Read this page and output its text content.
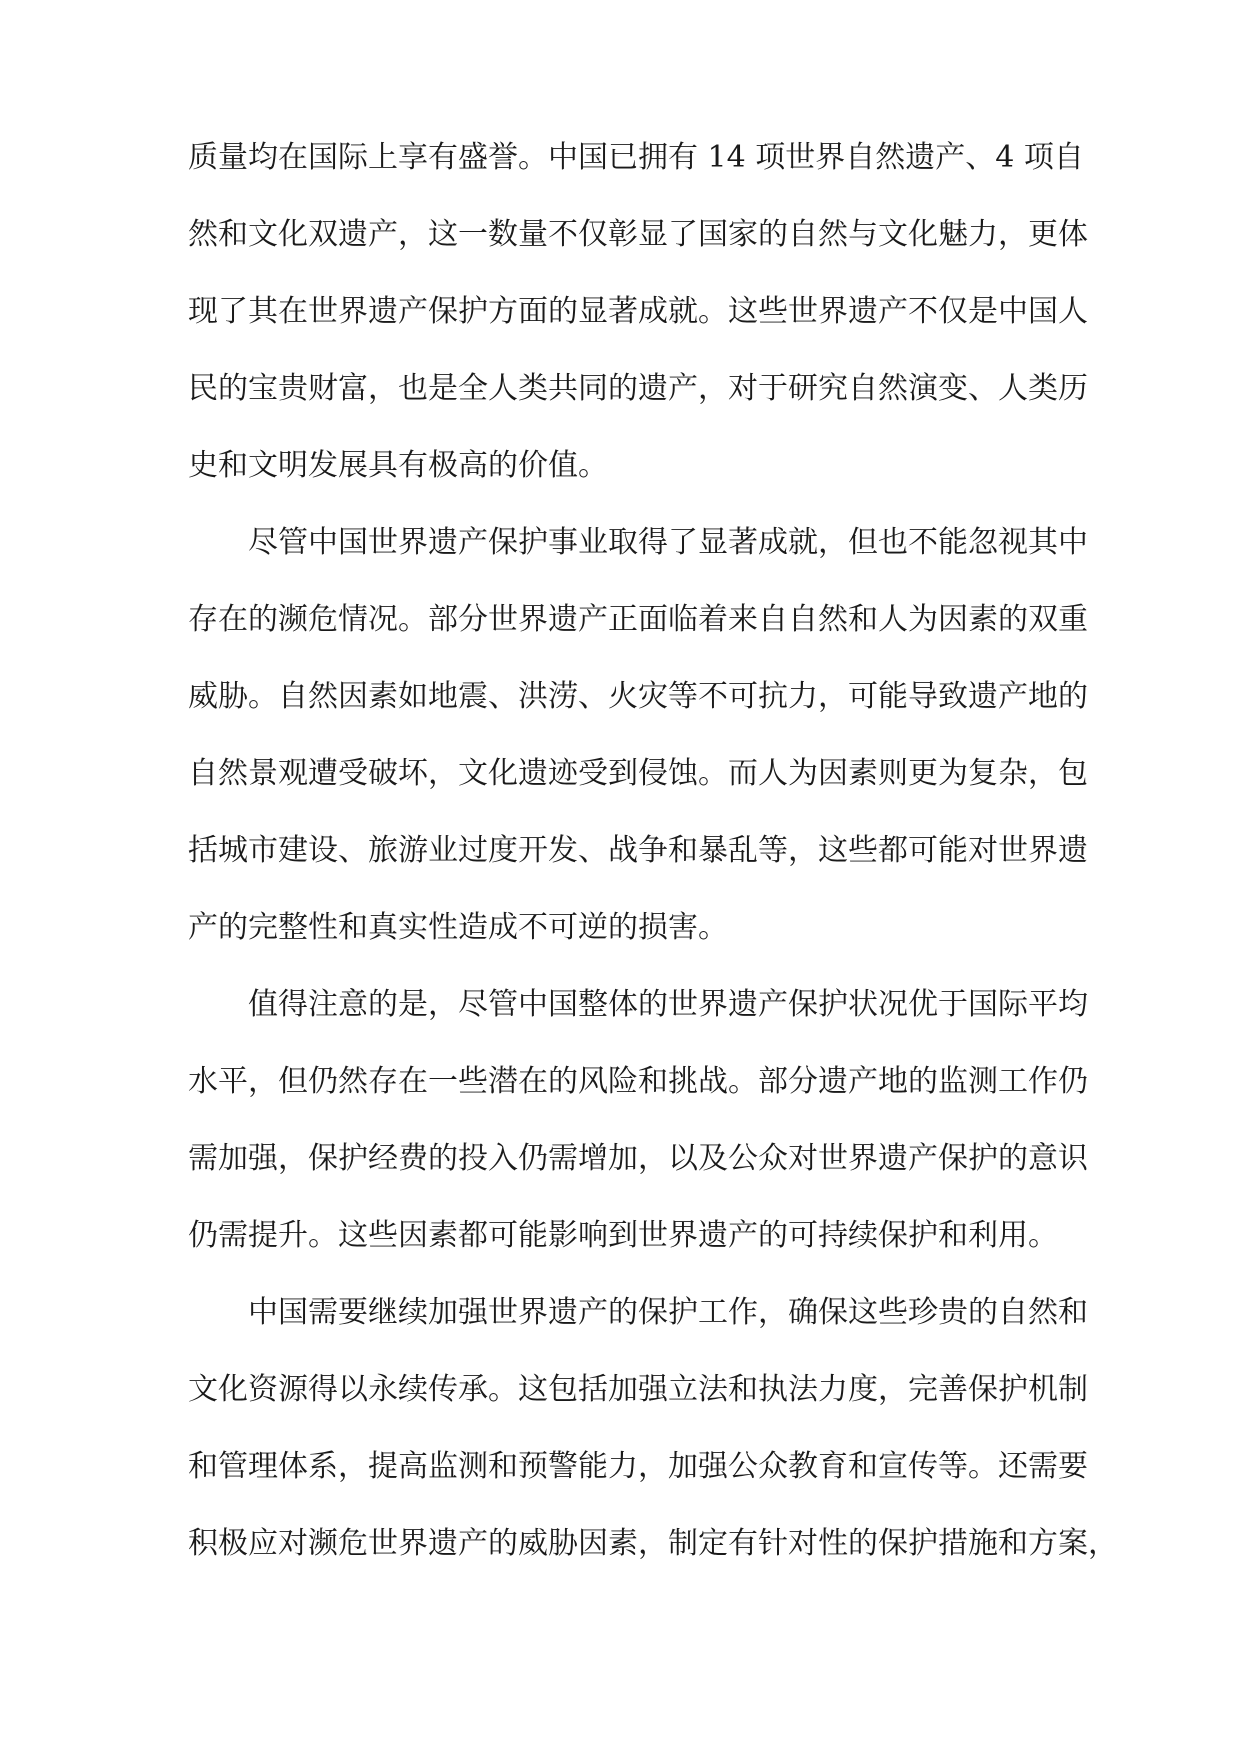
质量均在国际上享有盛誉。中国已拥有 14 项世界自然遗产、4 项自
然和文化双遗产，这一数量不仅彰显了国家的自然与文化魅力，更体
现了其在世界遗产保护方面的显著成就。这些世界遗产不仅是中国人
民的宝贵财富，也是全人类共同的遗产，对于研究自然演变、人类历
史和文明发展具有极高的价值。
尽管中国世界遗产保护事业取得了显著成就，但也不能忽视其中
存在的濒危情况。部分世界遗产正面临着来自自然和人为因素的双重
威胁。自然因素如地震、洪涝、火灾等不可抗力，可能导致遗产地的
自然景观遭受破坏，文化遗迹受到侵蚀。而人为因素则更为复杂，包
括城市建设、旅游业过度开发、战争和暴乱等，这些都可能对世界遗
产的完整性和真实性造成不可逆的损害。
值得注意的是，尽管中国整体的世界遗产保护状况优于国际平均
水平，但仍然存在一些潜在的风险和挑战。部分遗产地的监测工作仍
需加强，保护经费的投入仍需增加，以及公众对世界遗产保护的意识
仍需提升。这些因素都可能影响到世界遗产的可持续保护和利用。
中国需要继续加强世界遗产的保护工作，确保这些珍贵的自然和
文化资源得以永续传承。这包括加强立法和执法力度，完善保护机制
和管理体系，提高监测和预警能力，加强公众教育和宣传等。还需要
积极应对濒危世界遗产的威胁因素，制定有针对性的保护措施和方案，
